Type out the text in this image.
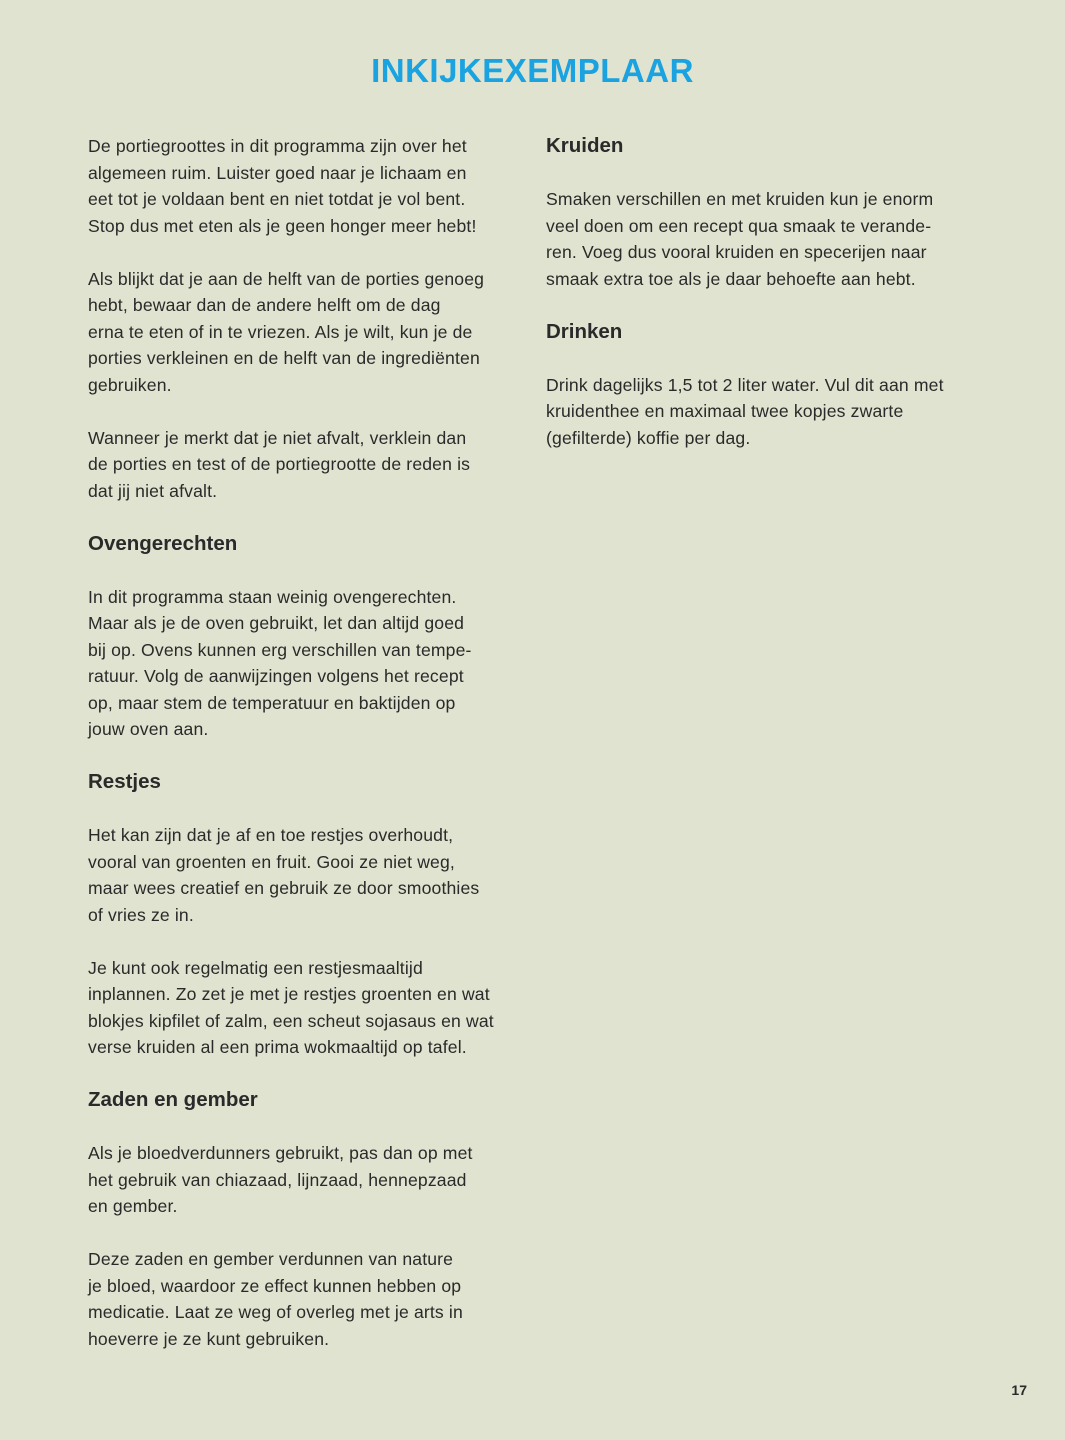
INKIJKEXEMPLAAR

De portiegroottes in dit programma zijn over het
algemeen ruim. Luister goed naar je lichaam en
eet tot je voldaan bent en niet totdat je vol bent.
Stop dus met eten als je geen honger meer hebt!

Als blijkt dat je aan de helft van de porties genoeg
hebt, bewaar dan de andere helft om de dag
erna te eten of in te vriezen. Als je wilt, kun je de
porties verkleinen en de helft van de ingrediënten
gebruiken.

Wanneer je merkt dat je niet afvalt, verklein dan
de porties en test of de portiegrootte de reden is
dat jij niet afvalt.

Ovengerechten

In dit programma staan weinig ovengerechten.
Maar als je de oven gebruikt, let dan altijd goed
bij op. Ovens kunnen erg verschillen van tempe-
ratuur. Volg de aanwijzingen volgens het recept
op, maar stem de temperatuur en baktijden op
jouw oven aan.

Restjes

Het kan zijn dat je af en toe restjes overhoudt,
vooral van groenten en fruit. Gooi ze niet weg,
maar wees creatief en gebruik ze door smoothies
of vries ze in.

Je kunt ook regelmatig een restjesmaaltijd
inplannen. Zo zet je met je restjes groenten en wat
blokjes kipfilet of zalm, een scheut sojasaus en wat
verse kruiden al een prima wokmaaltijd op tafel.

Zaden en gember

Als je bloedverdunners gebruikt, pas dan op met
het gebruik van chiazaad, lijnzaad, hennepzaad
en gember.

Deze zaden en gember verdunnen van nature
je bloed, waardoor ze effect kunnen hebben op
medicatie. Laat ze weg of overleg met je arts in
hoeverre je ze kunt gebruiken.

Kruiden

Smaken verschillen en met kruiden kun je enorm
veel doen om een recept qua smaak te verande-
ren. Voeg dus vooral kruiden en specerijen naar
smaak extra toe als je daar behoefte aan hebt.

Drinken

Drink dagelijks 1,5 tot 2 liter water. Vul dit aan met
kruidenthee en maximaal twee kopjes zwarte
(gefilterde) koffie per dag.

17
